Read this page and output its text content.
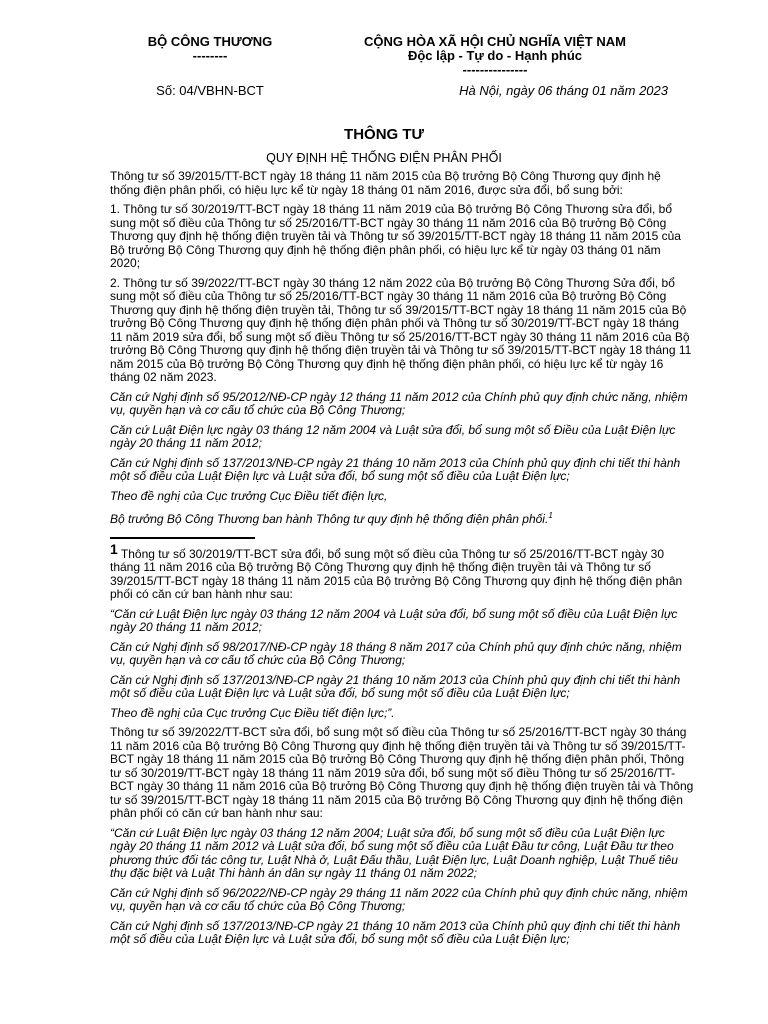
BỘ CÔNG THƯƠNG
--------
CỘNG HÒA XÃ HỘI CHỦ NGHĨA VIỆT NAM
Độc lập - Tự do - Hạnh phúc
---------------
Số: 04/VBHN-BCT	Hà Nội, ngày 06 tháng 01 năm 2023
THÔNG TƯ
QUY ĐỊNH HỆ THỐNG ĐIỆN PHÂN PHỐI

Thông tư số 39/2015/TT-BCT ngày 18 tháng 11 năm 2015 của Bộ trưởng Bộ Công Thương quy định hệ thống điện phân phối, có hiệu lực kể từ ngày 18 tháng 01 năm 2016, được sửa đổi, bổ sung bởi:

1. Thông tư số 30/2019/TT-BCT ngày 18 tháng 11 năm 2019 của Bộ trưởng Bộ Công Thương sửa đổi, bổ sung một số điều của Thông tư số 25/2016/TT-BCT ngày 30 tháng 11 năm 2016 của Bộ trưởng Bộ Công Thương quy định hệ thống điện truyền tải và Thông tư số 39/2015/TT-BCT ngày 18 tháng 11 năm 2015 của Bộ trưởng Bộ Công Thương quy định hệ thống điện phân phối, có hiệu lực kể từ ngày 03 tháng 01 năm 2020;

2. Thông tư số 39/2022/TT-BCT ngày 30 tháng 12 năm 2022 của Bộ trưởng Bộ Công Thương Sửa đổi, bổ sung một số điều của Thông tư số 25/2016/TT-BCT ngày 30 tháng 11 năm 2016 của Bộ trưởng Bộ Công Thương quy định hệ thống điện truyền tải, Thông tư số 39/2015/TT-BCT ngày 18 tháng 11 năm 2015 của Bộ trưởng Bộ Công Thương quy định hệ thống điện phân phối và Thông tư số 30/2019/TT-BCT ngày 18 tháng 11 năm 2019 sửa đổi, bổ sung một số điều Thông tư số 25/2016/TT-BCT ngày 30 tháng 11 năm 2016 của Bộ trưởng Bộ Công Thương quy định hệ thống điện truyền tải và Thông tư số 39/2015/TT-BCT ngày 18 tháng 11 năm 2015 của Bộ trưởng Bộ Công Thương quy định hệ thống điện phân phối, có hiệu lực kể từ ngày 16 tháng 02 năm 2023.

Căn cứ Nghị định số 95/2012/NĐ-CP ngày 12 tháng 11 năm 2012 của Chính phủ quy định chức năng, nhiệm vụ, quyền hạn và cơ cấu tổ chức của Bộ Công Thương;

Căn cứ Luật Điện lực ngày 03 tháng 12 năm 2004 và Luật sửa đổi, bổ sung một số Điều của Luật Điện lực ngày 20 tháng 11 năm 2012;

Căn cứ Nghị định số 137/2013/NĐ-CP ngày 21 tháng 10 năm 2013 của Chính phủ quy định chi tiết thi hành một số điều của Luật Điện lực và Luật sửa đổi, bổ sung một số điều của Luật Điện lực;

Theo đề nghị của Cục trưởng Cục Điều tiết điện lực,

Bộ trưởng Bộ Công Thương ban hành Thông tư quy định hệ thống điện phân phối.$^1$

$^1$ Thông tư số 30/2019/TT-BCT sửa đổi, bổ sung một số điều của Thông tư số 25/2016/TT-BCT ngày 30 tháng 11 năm 2016 của Bộ trưởng Bộ Công Thương quy định hệ thống điện truyền tải và Thông tư số 39/2015/TT-BCT ngày 18 tháng 11 năm 2015 của Bộ trưởng Bộ Công Thương quy định hệ thống điện phân phối có căn cứ ban hành như sau:

“Căn cứ Luật Điện lực ngày 03 tháng 12 năm 2004 và Luật sửa đổi, bổ sung một số điều của Luật Điện lực ngày 20 tháng 11 năm 2012;

Căn cứ Nghị định số 98/2017/NĐ-CP ngày 18 tháng 8 năm 2017 của Chính phủ quy định chức năng, nhiệm vụ, quyền hạn và cơ cấu tổ chức của Bộ Công Thương;

Căn cứ Nghị định số 137/2013/NĐ-CP ngày 21 tháng 10 năm 2013 của Chính phủ quy định chi tiết thi hành một số điều của Luật Điện lực và Luật sửa đổi, bổ sung một số điều của Luật Điện lực;

Theo đề nghị của Cục trưởng Cục Điều tiết điện lực;”.

Thông tư số 39/2022/TT-BCT sửa đổi, bổ sung một số điều của Thông tư số 25/2016/TT-BCT ngày 30 tháng 11 năm 2016 của Bộ trưởng Bộ Công Thương quy định hệ thống điện truyền tải và Thông tư số 39/2015/TT-BCT ngày 18 tháng 11 năm 2015 của Bộ trưởng Bộ Công Thương quy định hệ thống điện phân phối, Thông tư số 30/2019/TT-BCT ngày 18 tháng 11 năm 2019 sửa đổi, bổ sung một số điều Thông tư số 25/2016/TT-BCT ngày 30 tháng 11 năm 2016 của Bộ trưởng Bộ Công Thương quy định hệ thống điện truyền tải và Thông tư số 39/2015/TT-BCT ngày 18 tháng 11 năm 2015 của Bộ trưởng Bộ Công Thương quy định hệ thống điện phân phối có căn cứ ban hành như sau:

“Căn cứ Luật Điện lực ngày 03 tháng 12 năm 2004; Luật sửa đổi, bổ sung một số điều của Luật Điện lực ngày 20 tháng 11 năm 2012 và Luật sửa đổi, bổ sung một số điều của Luật Đầu tư công, Luật Đầu tư theo phương thức đối tác công tư, Luật Nhà ở, Luật Đấu thầu, Luật Điện lực, Luật Doanh nghiệp, Luật Thuế tiêu thụ đặc biệt và Luật Thi hành án dân sự ngày 11 tháng 01 năm 2022;

Căn cứ Nghị định số 96/2022/NĐ-CP ngày 29 tháng 11 năm 2022 của Chính phủ quy định chức năng, nhiệm vụ, quyền hạn và cơ cấu tổ chức của Bộ Công Thương;

Căn cứ Nghị định số 137/2013/NĐ-CP ngày 21 tháng 10 năm 2013 của Chính phủ quy định chi tiết thi hành một số điều của Luật Điện lực và Luật sửa đổi, bổ sung một số điều của Luật Điện lực;
